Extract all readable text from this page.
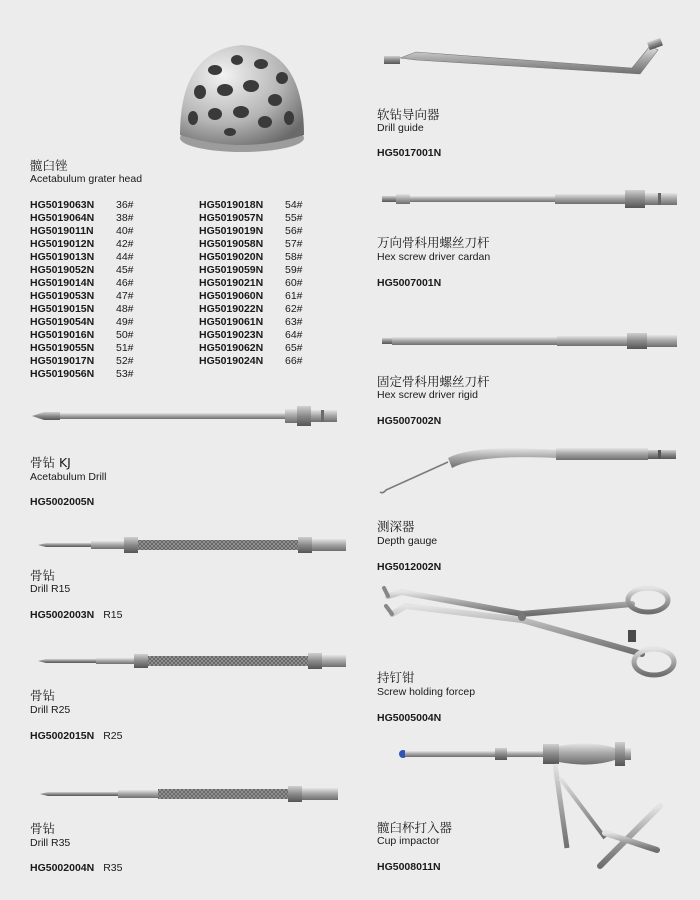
髋臼锉
Acetabulum grater head
HG5019063N 36#
HG5019064N 38#
HG5019011N 40#
HG5019012N 42#
HG5019013N 44#
HG5019052N 45#
HG5019014N 46#
HG5019053N 47#
HG5019015N 48#
HG5019054N 49#
HG5019016N 50#
HG5019055N 51#
HG5019017N 52#
HG5019056N 53#
HG5019018N 54#
HG5019057N 55#
HG5019019N 56#
HG5019058N 57#
HG5019020N 58#
HG5019059N 59#
HG5019021N 60#
HG5019060N 61#
HG5019022N 62#
HG5019061N 63#
HG5019023N 64#
HG5019062N 65#
HG5019024N 66#
骨钻 KJ
Acetabulum Drill
HG5002005N
骨钻
Drill R15
HG5002003N R15
骨钻
Drill R25
HG5002015N R25
骨钻
Drill R35
HG5002004N R35
软钻导向器
Drill guide
HG5017001N
万向骨科用螺丝刀杆
Hex screw driver cardan
HG5007001N
固定骨科用螺丝刀杆
Hex screw driver rigid
HG5007002N
测深器
Depth gauge
HG5012002N
持钉钳
Screw holding forcep
HG5005004N
髋臼杯打入器
Cup impactor
HG5008011N
